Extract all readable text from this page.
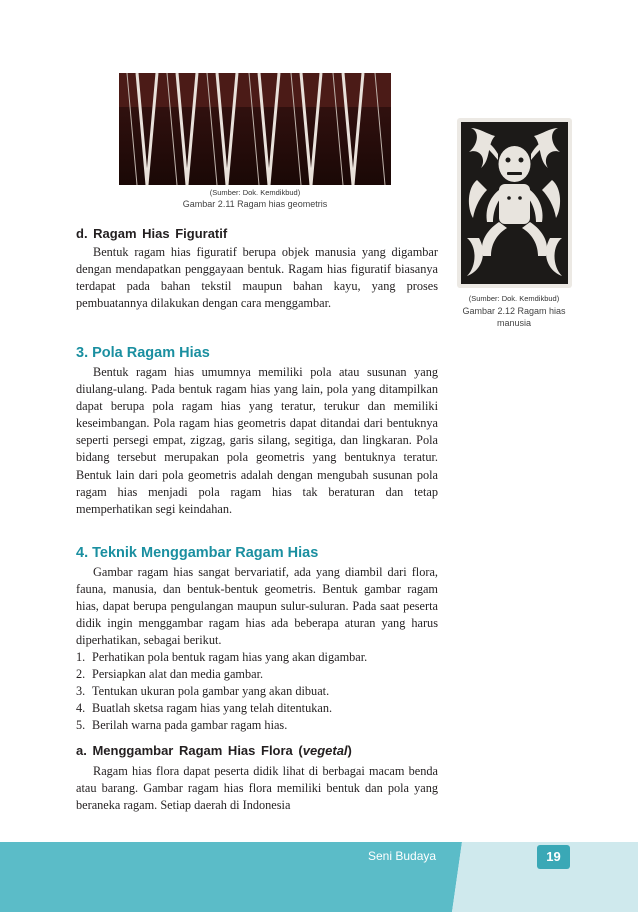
(Sumber: Dok. Kemdikbud)
Gambar 2.11 Ragam hias geometris
(Sumber: Dok. Kemdikbud)
Gambar 2.12 Ragam hias
manusia
d. Ragam Hias Figuratif

Bentuk ragam hias figuratif berupa objek manusia yang digambar dengan mendapatkan penggayaan bentuk. Ragam hias figuratif biasanya terdapat pada bahan tekstil maupun bahan kayu, yang proses pembuatannya dilakukan dengan cara menggambar.

3. Pola Ragam Hias

Bentuk ragam hias umumnya memiliki pola atau susunan yang diulang-ulang. Pada bentuk ragam hias yang lain, pola yang ditampilkan dapat berupa pola ragam hias yang teratur, terukur dan memiliki keseimbangan. Pola ragam hias geometris dapat ditandai dari bentuknya seperti persegi empat, zigzag, garis silang, segitiga, dan lingkaran. Pola bidang tersebut merupakan pola geometris yang bentuknya teratur. Bentuk lain dari pola geometris adalah dengan mengubah susunan pola ragam hias menjadi pola ragam hias tak beraturan dan tetap memperhatikan segi keindahan.

4. Teknik Menggambar Ragam Hias

Gambar ragam hias sangat bervariatif, ada yang diambil dari flora, fauna, manusia, dan bentuk-bentuk geometris. Bentuk gambar ragam hias, dapat berupa pengulangan maupun sulur-suluran. Pada saat peserta didik ingin menggambar ragam hias ada beberapa aturan yang harus diperhatikan, sebagai berikut.

1. Perhatikan pola bentuk ragam hias yang akan digambar.
2. Persiapkan alat dan media gambar.
3. Tentukan ukuran pola gambar yang akan dibuat.
4. Buatlah sketsa ragam hias yang telah ditentukan.
5. Berilah warna pada gambar ragam hias.
a. Menggambar Ragam Hias Flora (vegetal)

Ragam hias flora dapat peserta didik lihat di berbagai macam benda atau barang. Gambar ragam hias flora memiliki bentuk dan pola yang beraneka ragam. Setiap daerah di Indonesia

Seni Budaya	19
